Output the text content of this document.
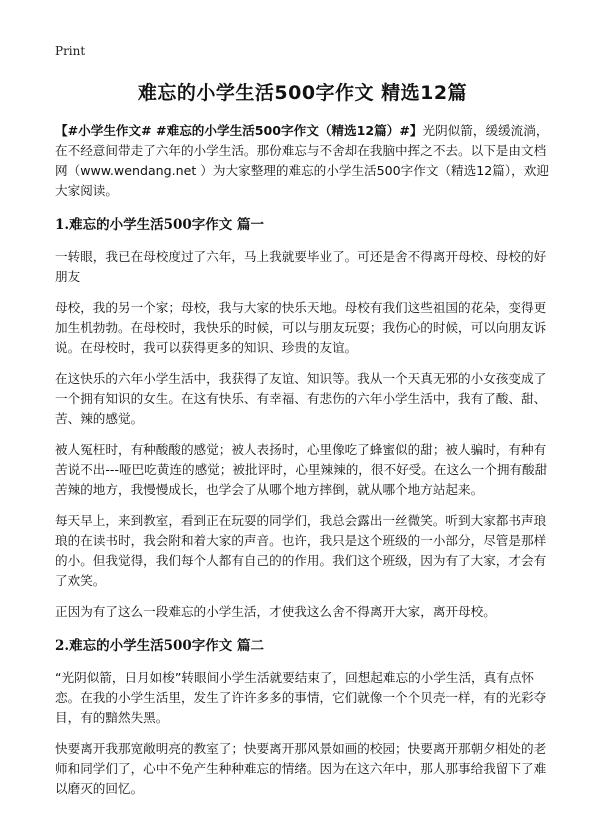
Print
难忘的小学生活500字作文 精选12篇

【#小学生作文# #难忘的小学生活500字作文（精选12篇）#】光阴似箭，缓缓流淌，在不经意间带走了六年的小学生活。那份难忘与不舍却在我脑中挥之不去。以下是由文档网（www.wendang.net ）为大家整理的难忘的小学生活500字作文（精选12篇），欢迎大家阅读。

1.难忘的小学生活500字作文 篇一

一转眼，我已在母校度过了六年，马上我就要毕业了。可还是舍不得离开母校、母校的好朋友

母校，我的另一个家；母校，我与大家的快乐天地。母校有我们这些祖国的花朵，变得更加生机勃勃。在母校时，我快乐的时候，可以与朋友玩耍；我伤心的时候，可以向朋友诉说。在母校时，我可以获得更多的知识、珍贵的友谊。

在这快乐的六年小学生活中，我获得了友谊、知识等。我从一个天真无邪的小女孩变成了一个拥有知识的女生。在这有快乐、有幸福、有悲伤的六年小学生活中，我有了酸、甜、苦、辣的感觉。

被人冤枉时，有种酸酸的感觉；被人表扬时，心里像吃了蜂蜜似的甜；被人骗时，有种有苦说不出---哑巴吃黄连的感觉；被批评时，心里辣辣的，很不好受。在这么一个拥有酸甜苦辣的地方，我慢慢成长，也学会了从哪个地方摔倒，就从哪个地方站起来。

每天早上，来到教室，看到正在玩耍的同学们，我总会露出一丝微笑。听到大家都书声琅琅的在读书时，我会附和着大家的声音。也许，我只是这个班级的一小部分，尽管是那样的小。但我觉得，我们每个人都有自己的的作用。我们这个班级，因为有了大家，才会有了欢笑。

正因为有了这么一段难忘的小学生活，才使我这么舍不得离开大家，离开母校。

2.难忘的小学生活500字作文 篇二

“光阴似箭，日月如梭”转眼间小学生活就要结束了，回想起难忘的小学生活，真有点怀恋。在我的小学生活里，发生了许许多多的事情，它们就像一个个贝壳一样，有的光彩夺目，有的黯然失黑。

快要离开我那宽敞明亮的教室了；快要离开那风景如画的校园；快要离开那朝夕相处的老师和同学们了，心中不免产生种种难忘的情绪。因为在这六年中，那人那事给我留下了难以磨灭的回忆。
